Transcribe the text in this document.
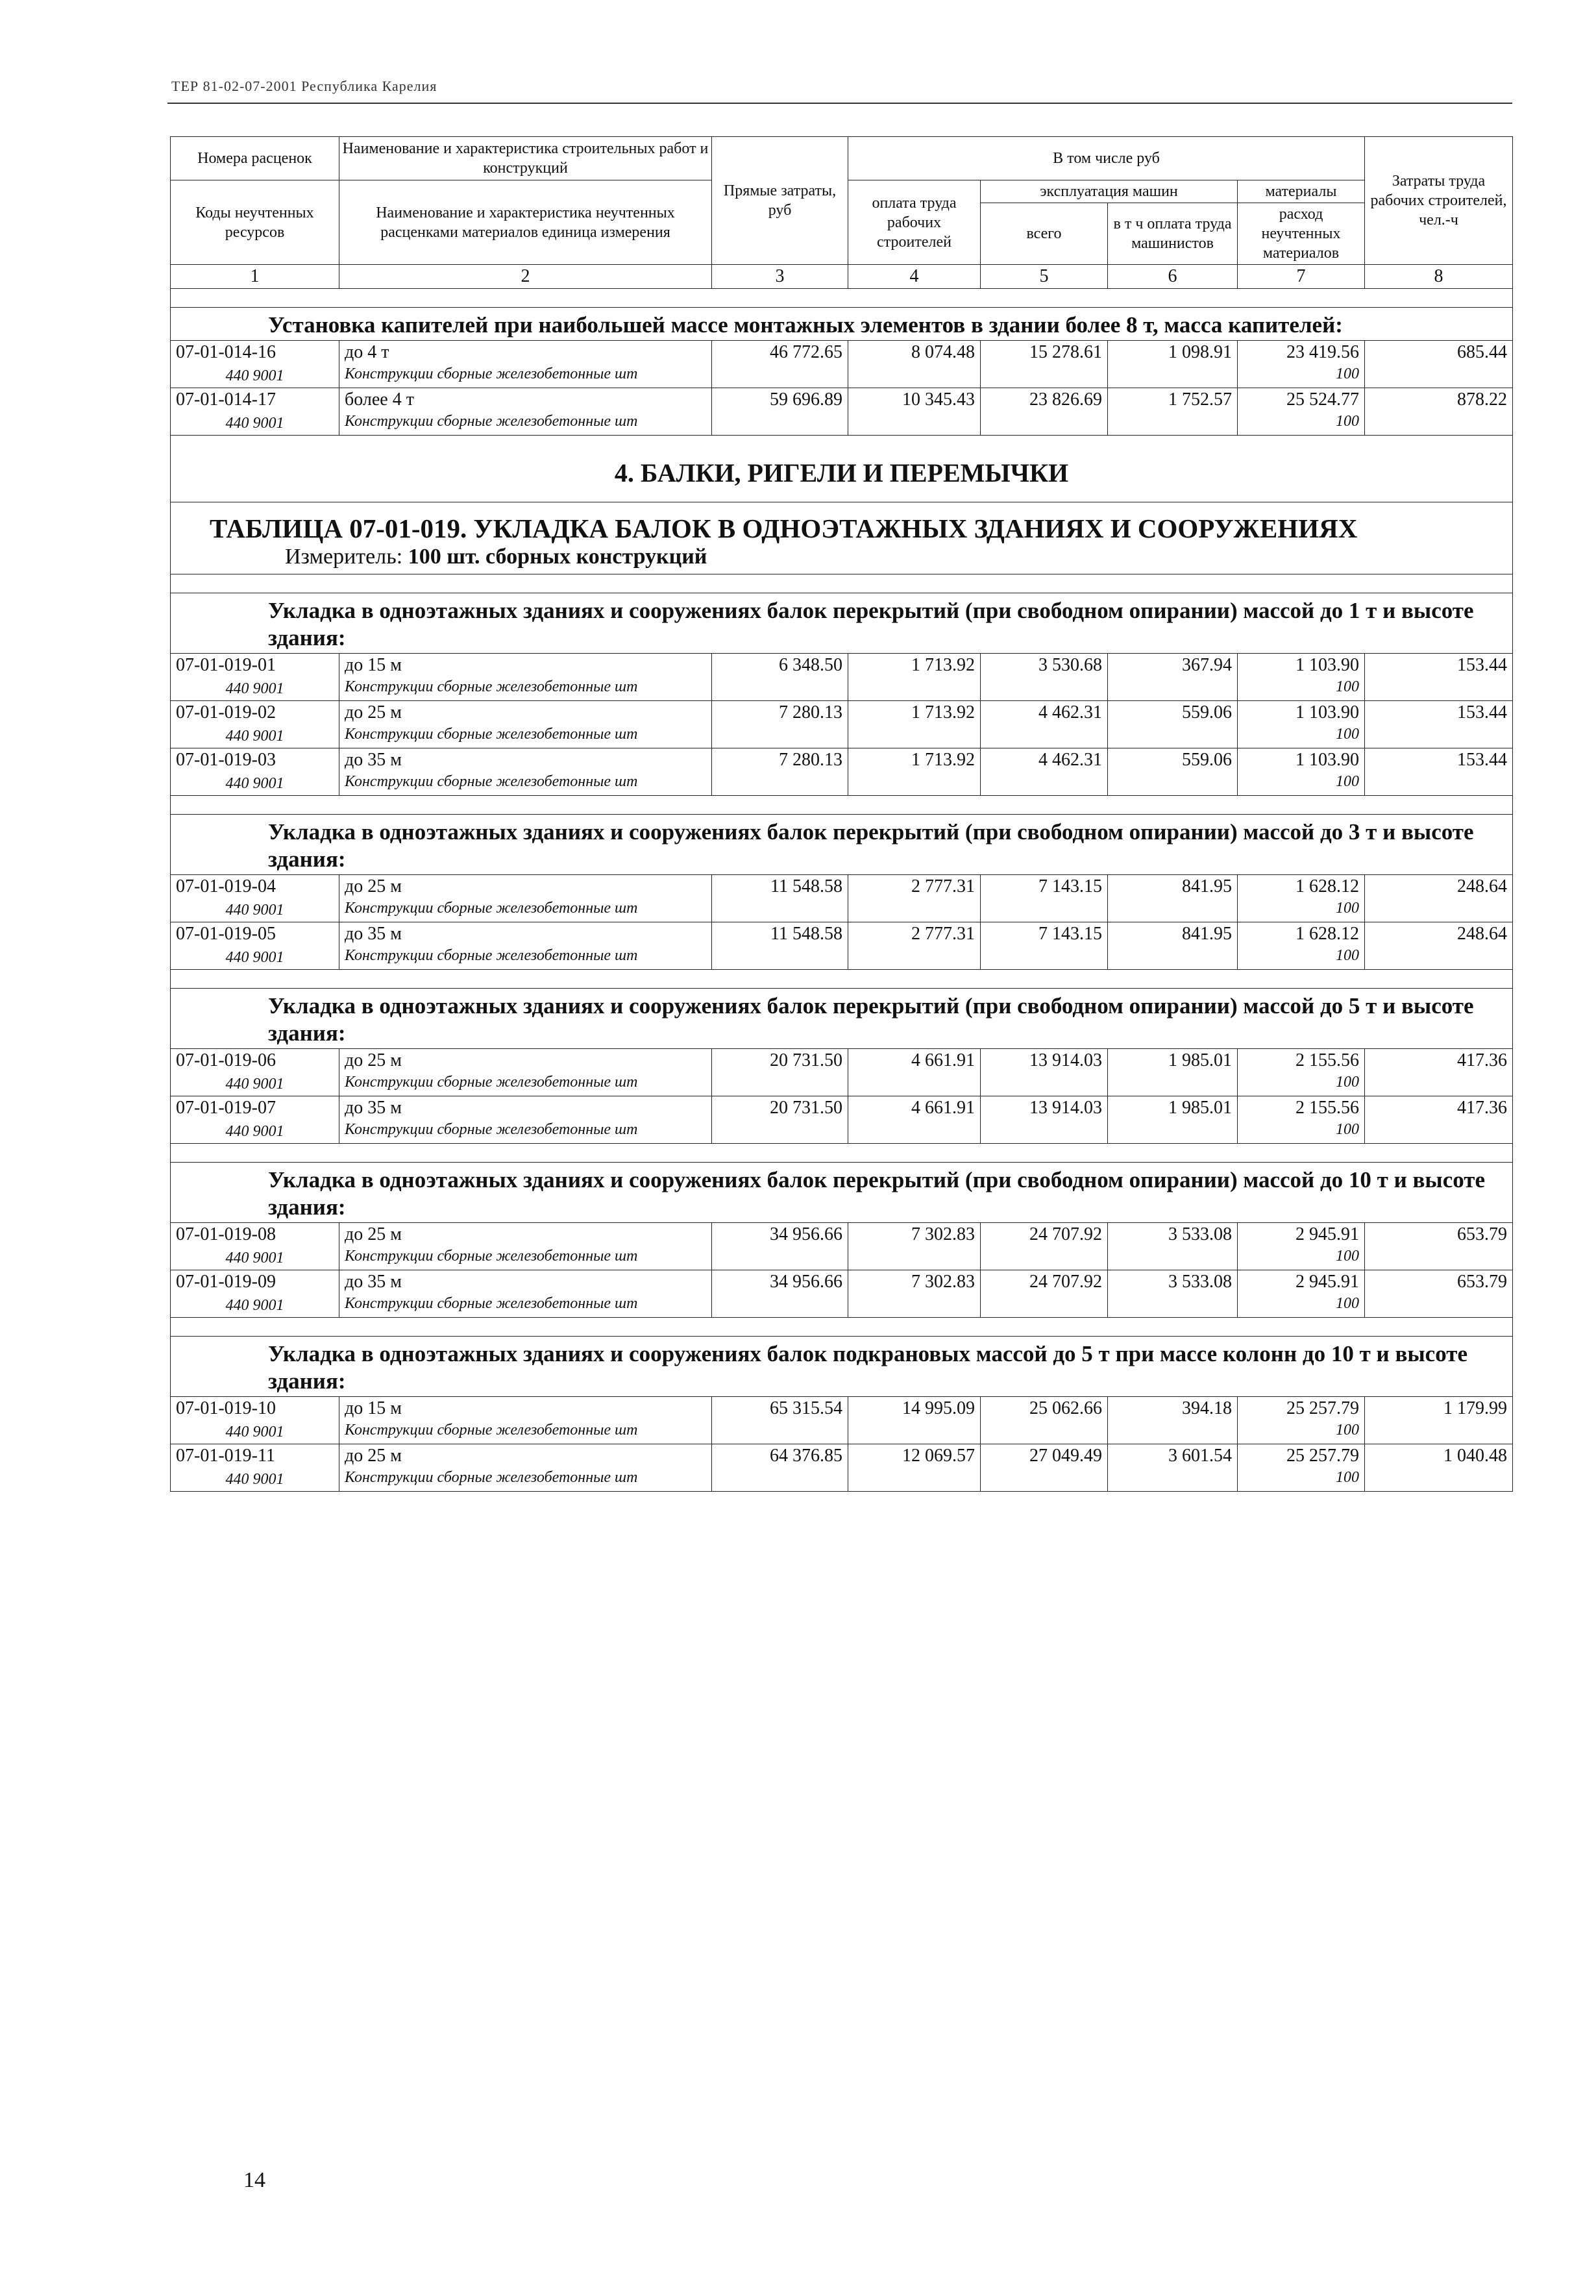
ТЕР 81-02-07-2001 Республика Карелия
Номера расценок	Наименование и характеристика строительных работ и конструкций	Прямые затраты, руб	В том числе руб				Затраты труда рабочих строителей, чел.-ч
Коды неучтенных ресурсов	Наименование и характеристика неучтенных расценками материалов единица измерения		оплата труда рабочих строителей	эксплуатация машин		материалы	
				всего	в т ч оплата труда машинистов	расход неучтенных материалов	
1	2	3	4	5	6	7	8

Установка капителей при наибольшей массе монтажных элементов в здании более 8 т, масса капителей:							
07-01-014-16	до 4 т	46 772.65	8 074.48	15 278.61	1 098.91	23 419.56	685.44
440 9001	Конструкции сборные железобетонные шт					100	
07-01-014-17	более 4 т	59 696.89	10 345.43	23 826.69	1 752.57	25 524.77	878.22
440 9001	Конструкции сборные железобетонные шт					100	
4. БАЛКИ, РИГЕЛИ И ПЕРЕМЫЧКИ							

ТАБЛИЦА 07-01-019. УКЛАДКА БАЛОК В ОДНОЭТАЖНЫХ ЗДАНИЯХ И СООРУЖЕНИЯХ
Измеритель: 100 шт. сборных конструкций							

Укладка в одноэтажных зданиях и сооружениях балок перекрытий (при свободном опирании) массой до 1 т и высоте здания:							
07-01-019-01	до 15 м	6 348.50	1 713.92	3 530.68	367.94	1 103.90	153.44
440 9001	Конструкции сборные железобетонные шт					100	
07-01-019-02	до 25 м	7 280.13	1 713.92	4 462.31	559.06	1 103.90	153.44
440 9001	Конструкции сборные железобетонные шт					100	
07-01-019-03	до 35 м	7 280.13	1 713.92	4 462.31	559.06	1 103.90	153.44
440 9001	Конструкции сборные железобетонные шт					100	

Укладка в одноэтажных зданиях и сооружениях балок перекрытий (при свободном опирании) массой до 3 т и высоте здания:							
07-01-019-04	до 25 м	11 548.58	2 777.31	7 143.15	841.95	1 628.12	248.64
440 9001	Конструкции сборные железобетонные шт					100	
07-01-019-05	до 35 м	11 548.58	2 777.31	7 143.15	841.95	1 628.12	248.64
440 9001	Конструкции сборные железобетонные шт					100	

Укладка в одноэтажных зданиях и сооружениях балок перекрытий (при свободном опирании) массой до 5 т и высоте здания:							
07-01-019-06	до 25 м	20 731.50	4 661.91	13 914.03	1 985.01	2 155.56	417.36
440 9001	Конструкции сборные железобетонные шт					100	
07-01-019-07	до 35 м	20 731.50	4 661.91	13 914.03	1 985.01	2 155.56	417.36
440 9001	Конструкции сборные железобетонные шт					100	

Укладка в одноэтажных зданиях и сооружениях балок перекрытий (при свободном опирании) массой до 10 т и высоте здания:							
07-01-019-08	до 25 м	34 956.66	7 302.83	24 707.92	3 533.08	2 945.91	653.79
440 9001	Конструкции сборные железобетонные шт					100	
07-01-019-09	до 35 м	34 956.66	7 302.83	24 707.92	3 533.08	2 945.91	653.79
440 9001	Конструкции сборные железобетонные шт					100	

Укладка в одноэтажных зданиях и сооружениях балок подкрановых массой до 5 т при массе колонн до 10 т и высоте здания:							
07-01-019-10	до 15 м	65 315.54	14 995.09	25 062.66	394.18	25 257.79	1 179.99
440 9001	Конструкции сборные железобетонные шт					100	
07-01-019-11	до 25 м	64 376.85	12 069.57	27 049.49	3 601.54	25 257.79	1 040.48
440 9001	Конструкции сборные железобетонные шт					100	
14
